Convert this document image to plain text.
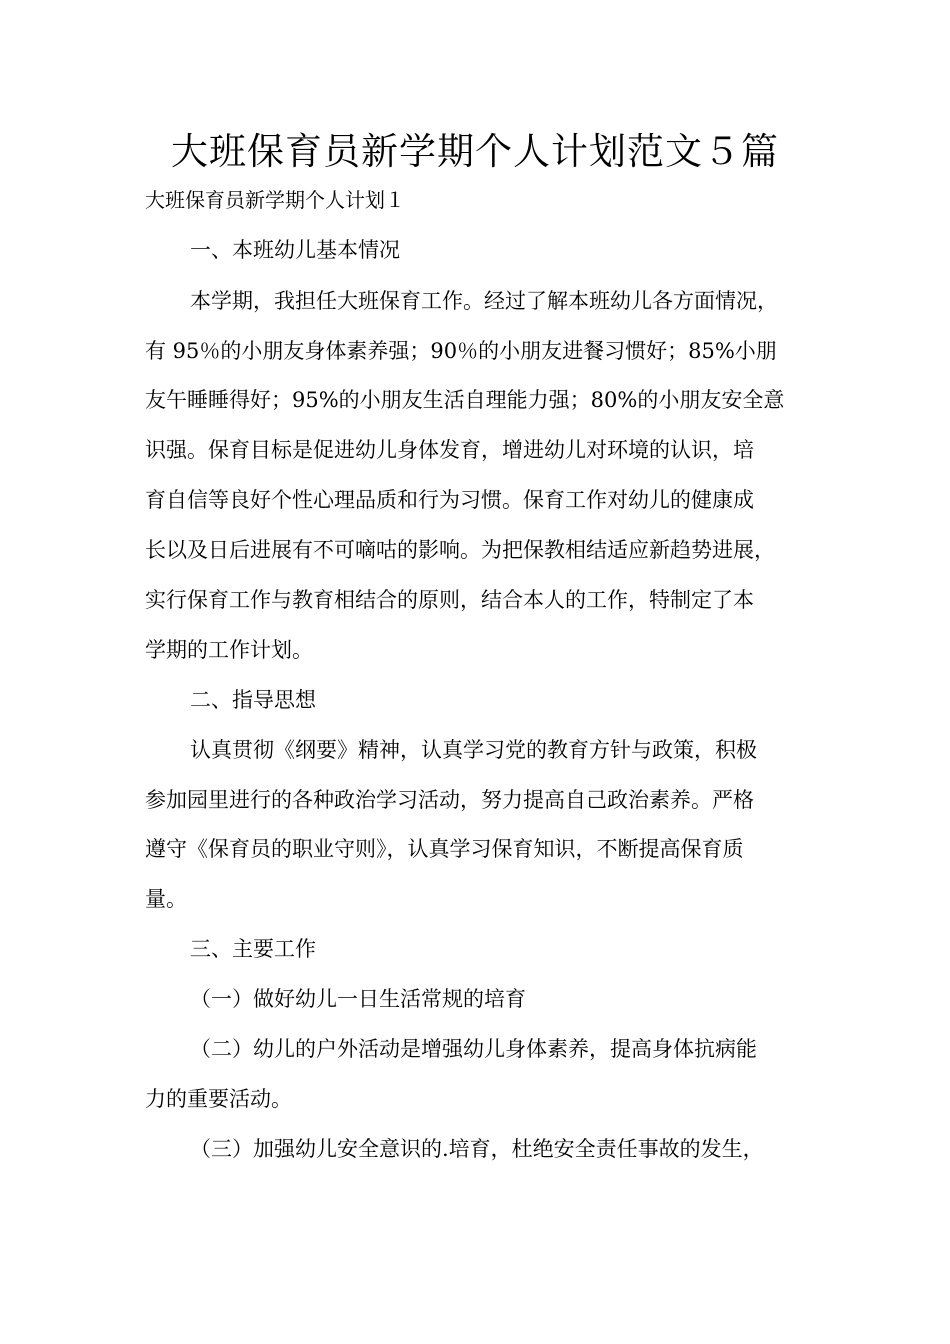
大班保育员新学期个人计划范文５篇

大班保育员新学期个人计划１

一、本班幼儿基本情况

本学期，我担任大班保育工作。经过了解本班幼儿各方面情况，

有 95％的小朋友身体素养强；90％的小朋友进餐习惯好；85%小朋

友午睡睡得好；95%的小朋友生活自理能力强；80%的小朋友安全意

识强。保育目标是促进幼儿身体发育，增进幼儿对环境的认识，培

育自信等良好个性心理品质和行为习惯。保育工作对幼儿的健康成

长以及日后进展有不可嘀咕的影响。为把保教相结适应新趋势进展，

实行保育工作与教育相结合的原则，结合本人的工作，特制定了本

学期的工作计划。

二、指导思想

认真贯彻《纲要》精神，认真学习党的教育方针与政策，积极

参加园里进行的各种政治学习活动，努力提高自己政治素养。严格

遵守《保育员的职业守则》，认真学习保育知识，不断提高保育质

量。

三、主要工作

（一）做好幼儿一日生活常规的培育

（二）幼儿的户外活动是增强幼儿身体素养，提高身体抗病能

力的重要活动。

（三）加强幼儿安全意识的.培育，杜绝安全责任事故的发生，
